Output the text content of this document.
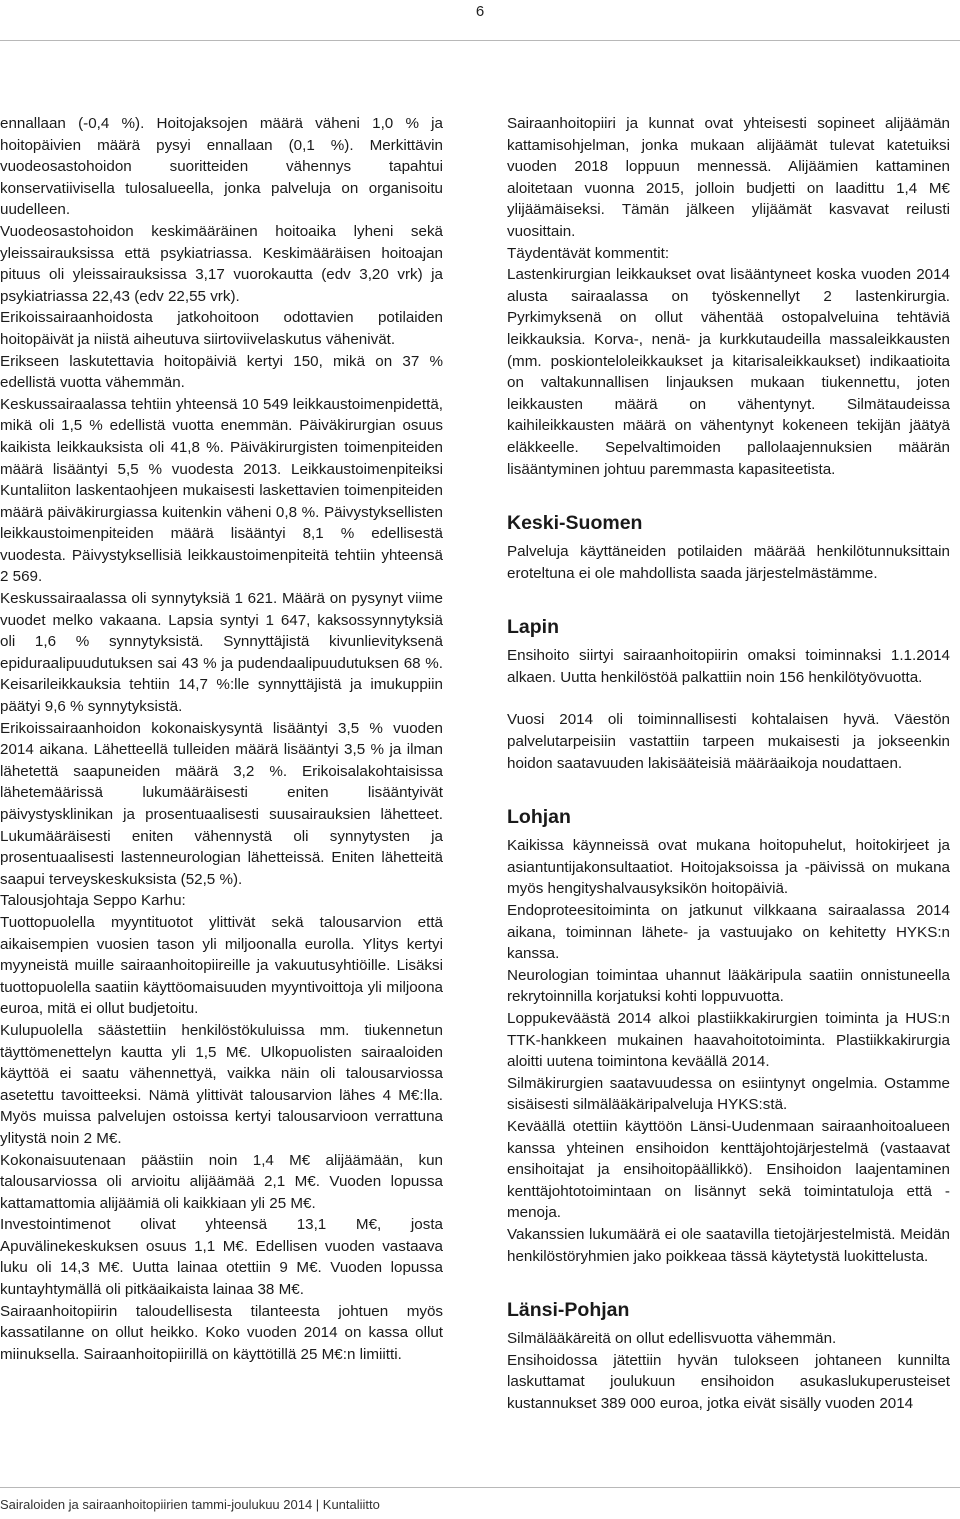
6

ennallaan (-0,4 %). Hoitojaksojen määrä väheni 1,0 % ja hoitopäivien määrä pysyi ennallaan (0,1 %). Merkittävin vuodeosastohoidon suoritteiden vähennys tapahtui konservatiivisella tulosalueella, jonka palveluja on organisoitu uudelleen.

Vuodeosastohoidon keskimääräinen hoitoaika lyheni sekä yleissairauksissa että psykiatriassa. Keskimääräisen hoitoajan pituus oli yleissairauksissa 3,17 vuorokautta (edv 3,20 vrk) ja psykiatriassa 22,43 (edv 22,55 vrk).

Erikoissairaanhoidosta jatkohoitoon odottavien potilaiden hoitopäivät ja niistä aiheutuva siirtoviivelaskutus vähenivät.

Erikseen laskutettavia hoitopäiviä kertyi 150, mikä on 37 % edellistä vuotta vähemmän.

Keskussairaalassa tehtiin yhteensä 10 549 leikkaustoimenpidettä, mikä oli 1,5 % edellistä vuotta enemmän. Päiväkirurgian osuus kaikista leikkauksista oli 41,8 %. Päiväkirurgisten toimenpiteiden määrä lisääntyi 5,5 % vuodesta 2013. Leikkaustoimenpiteiksi Kuntaliiton laskentaohjeen mukaisesti laskettavien toimenpiteiden määrä päiväkirurgiassa kuitenkin väheni 0,8 %. Päivystyksellisten leikkaustoimenpiteiden määrä lisääntyi 8,1 % edellisestä vuodesta. Päivystyksellisiä leikkaustoimenpiteitä tehtiin yhteensä 2 569.

Keskussairaalassa oli synnytyksiä 1 621. Määrä on pysynyt viime vuodet melko vakaana. Lapsia syntyi 1 647, kaksossynnytyksiä oli 1,6 % synnytyksistä. Synnyttäjistä kivunlievityksenä epiduraalipuudutuksen sai 43 % ja pudendaalipuudutuksen 68 %. Keisarileikkauksia tehtiin 14,7 %:lle synnyttäjistä ja imukuppiin päätyi 9,6 % synnytyksistä.

Erikoissairaanhoidon kokonaiskysyntä lisääntyi 3,5 % vuoden 2014 aikana. Lähetteellä tulleiden määrä lisääntyi 3,5 % ja ilman lähetettä saapuneiden määrä 3,2 %. Erikoisalakohtaisissa lähetemäärissä lukumääräisesti eniten lisääntyivät päivystysklinikan ja prosentuaalisesti suusairauksien lähetteet. Lukumääräisesti eniten vähennystä oli synnytysten ja prosentuaalisesti lastenneurologian lähetteissä. Eniten lähetteitä saapui terveyskeskuksista (52,5 %).

Talousjohtaja Seppo Karhu:

Tuottopuolella myyntituotot ylittivät sekä talousarvion että aikaisempien vuosien tason yli miljoonalla eurolla. Ylitys kertyi myyneistä muille sairaanhoitopiireille ja vakuutusyhtiöille. Lisäksi tuottopuolella saatiin käyttöomaisuuden myyntivoittoja yli miljoona euroa, mitä ei ollut budjetoitu.

Kulupuolella säästettiin henkilöstökuluissa mm. tiukennetun täyttömenettelyn kautta yli 1,5 M€. Ulkopuolisten sairaaloiden käyttöä ei saatu vähennettyä, vaikka näin oli talousarviossa asetettu tavoitteeksi. Nämä ylittivät talousarvion lähes 4 M€:lla. Myös muissa palvelujen ostoissa kertyi talousarvioon verrattuna ylitystä noin 2 M€.

Kokonaisuutenaan päästiin noin 1,4 M€ alijäämään, kun talousarviossa oli arvioitu alijäämää 2,1 M€. Vuoden lopussa kattamattomia alijäämiä oli kaikkiaan yli 25 M€.

Investointimenot olivat yhteensä 13,1 M€, josta Apuvälinekeskuksen osuus 1,1 M€. Edellisen vuoden vastaava luku oli 14,3 M€. Uutta lainaa otettiin 9 M€. Vuoden lopussa kuntayhtymällä oli pitkäaikaista lainaa 38 M€.

Sairaanhoitopiirin taloudellisesta tilanteesta johtuen myös kassatilanne on ollut heikko. Koko vuoden 2014 on kassa ollut miinuksella. Sairaanhoitopiirillä on käyttötillä 25 M€:n limiitti.

Sairaanhoitopiiri ja kunnat ovat yhteisesti sopineet alijäämän kattamisohjelman, jonka mukaan alijäämät tulevat katetuiksi vuoden 2018 loppuun mennessä. Alijäämien kattaminen aloitetaan vuonna 2015, jolloin budjetti on laadittu 1,4 M€ ylijäämäiseksi. Tämän jälkeen ylijäämät kasvavat reilusti vuosittain.

Täydentävät kommentit:

Lastenkirurgian leikkaukset ovat lisääntyneet koska vuoden 2014 alusta sairaalassa on työskennellyt 2 lastenkirurgia. Pyrkimyksenä on ollut vähentää ostopalveluina tehtäviä leikkauksia. Korva-, nenä- ja kurkkutaudeilla massaleikkausten (mm. poskionteloleikkaukset ja kitarisaleikkaukset) indikaatioita on valtakunnallisen linjauksen mukaan tiukennettu, joten leikkausten määrä on vähentynyt. Silmätaudeissa kaihileikkausten määrä on vähentynyt kokeneen tekijän jäätyä eläkkeelle. Sepelvaltimoiden pallolaajennuksien määrän lisääntyminen johtuu paremmasta kapasiteetista.

Keski-Suomen

Palveluja käyttäneiden potilaiden määrää henkilötunnuksittain eroteltuna ei ole mahdollista saada järjestelmästämme.

Lapin

Ensihoito siirtyi sairaanhoitopiirin omaksi toiminnaksi 1.1.2014 alkaen. Uutta henkilöstöä palkattiin noin 156 henkilötyövuotta.

Vuosi 2014 oli toiminnallisesti kohtalaisen hyvä. Väestön palvelutarpeisiin vastattiin tarpeen mukaisesti ja jokseenkin hoidon saatavuuden lakisääteisiä määräaikoja noudattaen.

Lohjan

Kaikissa käynneissä ovat mukana hoitopuhelut, hoitokirjeet ja asiantuntijakonsultaatiot. Hoitojaksoissa ja -päivissä on mukana myös hengityshalvausyksikön hoitopäiviä.

Endoproteesitoiminta on jatkunut vilkkaana sairaalassa 2014 aikana, toiminnan lähete- ja vastuujako on kehitetty HYKS:n kanssa.

Neurologian toimintaa uhannut lääkäripula saatiin onnistuneella rekrytoinnilla korjatuksi kohti loppuvuotta.

Loppukeväästä 2014 alkoi plastiikkakirurgien toiminta ja HUS:n TTK-hankkeen mukainen haavahoitotoiminta. Plastiikkakirurgia aloitti uutena toimintona keväällä 2014.

Silmäkirurgien saatavuudessa on esiintynyt ongelmia. Ostamme sisäisesti silmälääkäripalveluja HYKS:stä.

Keväällä otettiin käyttöön Länsi-Uudenmaan sairaanhoitoalueen kanssa yhteinen ensihoidon kenttäjohtojärjestelmä (vastaavat ensihoitajat ja ensihoitopäällikkö). Ensihoidon laajentaminen kenttäjohtotoimintaan on lisännyt sekä toimintatuloja että -menoja.

Vakanssien lukumäärä ei ole saatavilla tietojärjestelmistä. Meidän henkilöstöryhmien jako poikkeaa tässä käytetystä luokittelusta.

Länsi-Pohjan

Silmälääkäreitä on ollut edellisvuotta vähemmän.

Ensihoidossa jätettiin hyvän tulokseen johtaneen kunnilta laskuttamat joulukuun ensihoidon asukaslukuperusteiset kustannukset 389 000 euroa, jotka eivät sisälly vuoden 2014

Sairaloiden ja sairaanhoitopiirien tammi-joulukuu 2014 | Kuntaliitto
